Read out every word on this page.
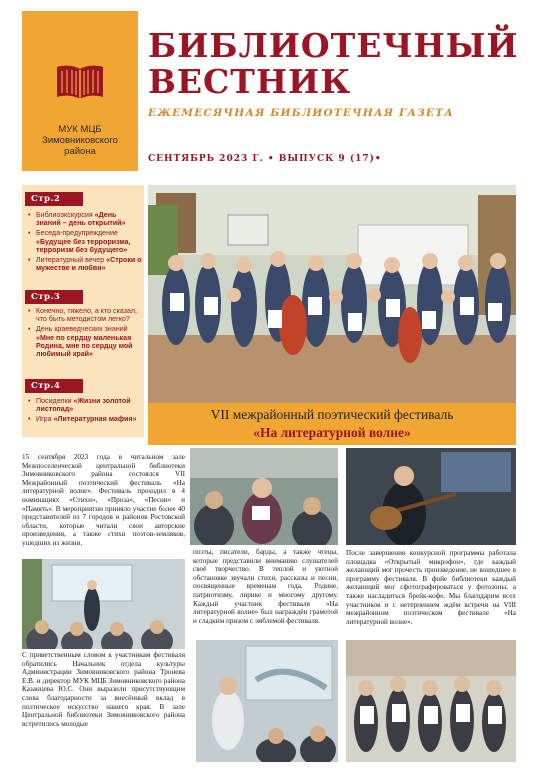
МУК МЦБ
Зимовниковского
района
БИБЛИОТЕЧНЫЙ
ВЕСТНИК
ЕЖЕМЕСЯЧНАЯ БИБЛИОТЕЧНАЯ ГАЗЕТА
СЕНТЯБРЬ 2023 Г. • ВЫПУСК 9 (17)•
Стр.2
• Библиоэкскурсия «День знаний – день открытий»
• Беседа-предупреждение «Будущее без терроризма, терроризм без будущего»
• Литературный вечер «Строки о мужестве и любви»
Стр.3
• Конечно, тяжело, а кто сказал, что быть методистом легко?
• День краеведческих знаний «Мне по сердцу маленькая Родина, мне по сердцу мой любимый край»
Стр.4
• Посиделки «Жизни золотой листопад»
• Игра «Литературная мафия»	VII межрайонный поэтический фестиваль
«На литературной волне»
15 сентября 2023 года в читальном зале Межпоселенческой центральной библиотеки Зимовниковского района состоялся VII Межрайонный поэтический фестиваль «На литературной волне». Фестиваль проходил в 4 номинациях «Стихи», «Проза», «Песни» и «Память». В мероприятии приняло участие более 40 представителей из 7 городов и районов Ростовской области, которые читали свои авторские произведения, а также стихи поэтов-земляков, ушедших из жизни.
С приветственным словом к участникам фестиваля обратились Начальник отдела культуры Администрации Зимовниковского района Тронева Е.В. и директор МУК МЦБ Зимовниковского района Казанцева Ю.С. Они выразили присутствующим слова благодарности за внесённый вклад в поэтическое искусство нашего края. В зале Центральной библиотеки Зимовниковского района встретились молодые
поэты, писатели, барды, а также чтецы, которые представили вниманию слушателей своё творчество. В теплой и уютной обстановке звучали стихи, рассказы и песни, посвященные временам года, Родине, патриотизму, лирике и многому другому. Каждый участник фестиваля «На литературной волне» был награждён грамотой и сладким призом с эмблемой фестиваля.
После завершения конкурсной программы работала площадка «Открытый микрофон», где каждый желающий мог прочесть произведение, не вошедшее в программу фестиваля. В фойе библиотеки каждый желающий мог сфотографироваться у фотозоны, а также насладиться брейк-кофе. Мы благодарим всех участников и с нетерпением ждём встречи на VIII межрайонном поэтическом фестивале «На литературной волне».
